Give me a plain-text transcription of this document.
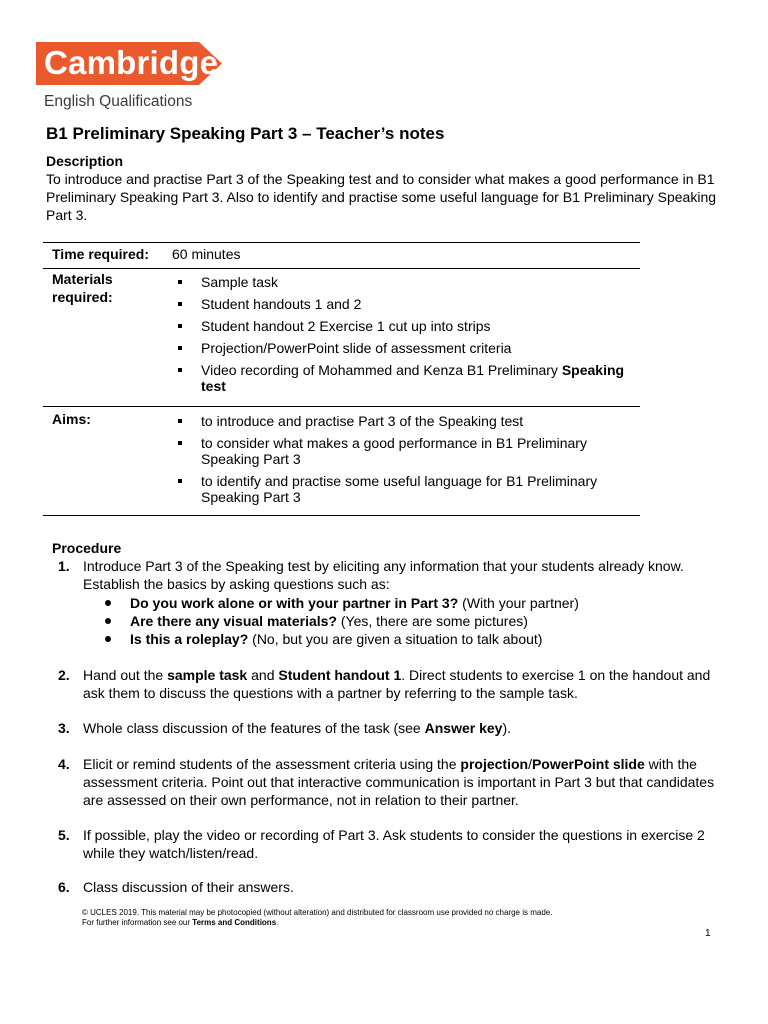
Cambridge
English Qualifications
B1 Preliminary Speaking Part 3 – Teacher’s notes
Description
To introduce and practise Part 3 of the Speaking test and to consider what makes a good performance in B1 Preliminary Speaking Part 3. Also to identify and practise some useful language for B1 Preliminary Speaking Part 3.
Time required: 60 minutes
Materials
required:
Sample task
Student handouts 1 and 2
Student handout 2 Exercise 1 cut up into strips
Projection/PowerPoint slide of assessment criteria
Video recording of Mohammed and Kenza B1 Preliminary Speaking test
Aims:	to introduce and practise Part 3 of the Speaking test
to consider what makes a good performance in B1 Preliminary Speaking Part 3
to identify and practise some useful language for B1 Preliminary Speaking Part 3
Procedure
1. Introduce Part 3 of the Speaking test by eliciting any information that your students already know. Establish the basics by asking questions such as:
Do you work alone or with your partner in Part 3? (With your partner)
Are there any visual materials? (Yes, there are some pictures)
Is this a roleplay? (No, but you are given a situation to talk about)
2. Hand out the sample task and Student handout 1. Direct students to exercise 1 on the handout and ask them to discuss the questions with a partner by referring to the sample task.
3. Whole class discussion of the features of the task (see Answer key).
4. Elicit or remind students of the assessment criteria using the projection/PowerPoint slide with the assessment criteria. Point out that interactive communication is important in Part 3 but that candidates are assessed on their own performance, not in relation to their partner.
5. If possible, play the video or recording of Part 3. Ask students to consider the questions in exercise 2 while they watch/listen/read.
6. Class discussion of their answers.
© UCLES 2019. This material may be photocopied (without alteration) and distributed for classroom use provided no charge is made.
For further information see our Terms and Conditions.
1
